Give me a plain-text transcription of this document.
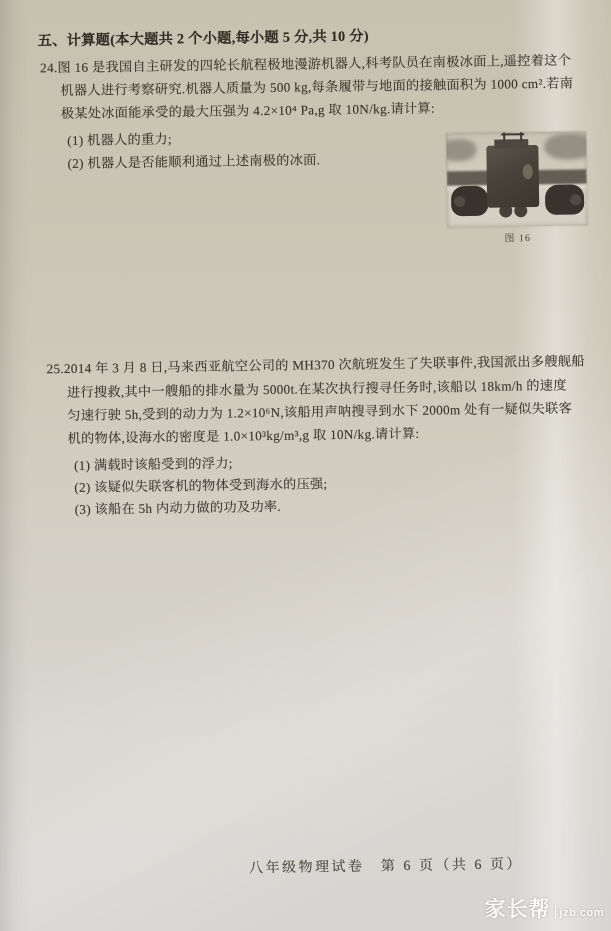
五、计算题(本大题共 2 个小题,每小题 5 分,共 10 分)
24.图 16 是我国自主研发的四轮长航程极地漫游机器人,科考队员在南极冰面上,遥控着这个
机器人进行考察研究.机器人质量为 500 kg,每条履带与地面的接触面积为 1000 cm².若南
极某处冰面能承受的最大压强为 4.2×10⁴ Pa,g 取 10N/kg.请计算:
(1) 机器人的重力;
(2) 机器人是否能顺利通过上述南极的冰面.
图 16
25.2014 年 3 月 8 日,马来西亚航空公司的 MH370 次航班发生了失联事件,我国派出多艘舰船
进行搜救,其中一艘船的排水量为 5000t.在某次执行搜寻任务时,该船以 18km/h 的速度
匀速行驶 5h,受到的动力为 1.2×10⁶N,该船用声呐搜寻到水下 2000m 处有一疑似失联客
机的物体,设海水的密度是 1.0×10³kg/m³,g 取 10N/kg.请计算:
(1) 满载时该船受到的浮力;
(2) 该疑似失联客机的物体受到海水的压强;
(3) 该船在 5h 内动力做的功及功率.
八年级物理试卷　第 6 页（共 6 页）
家长帮 | jzb.com
